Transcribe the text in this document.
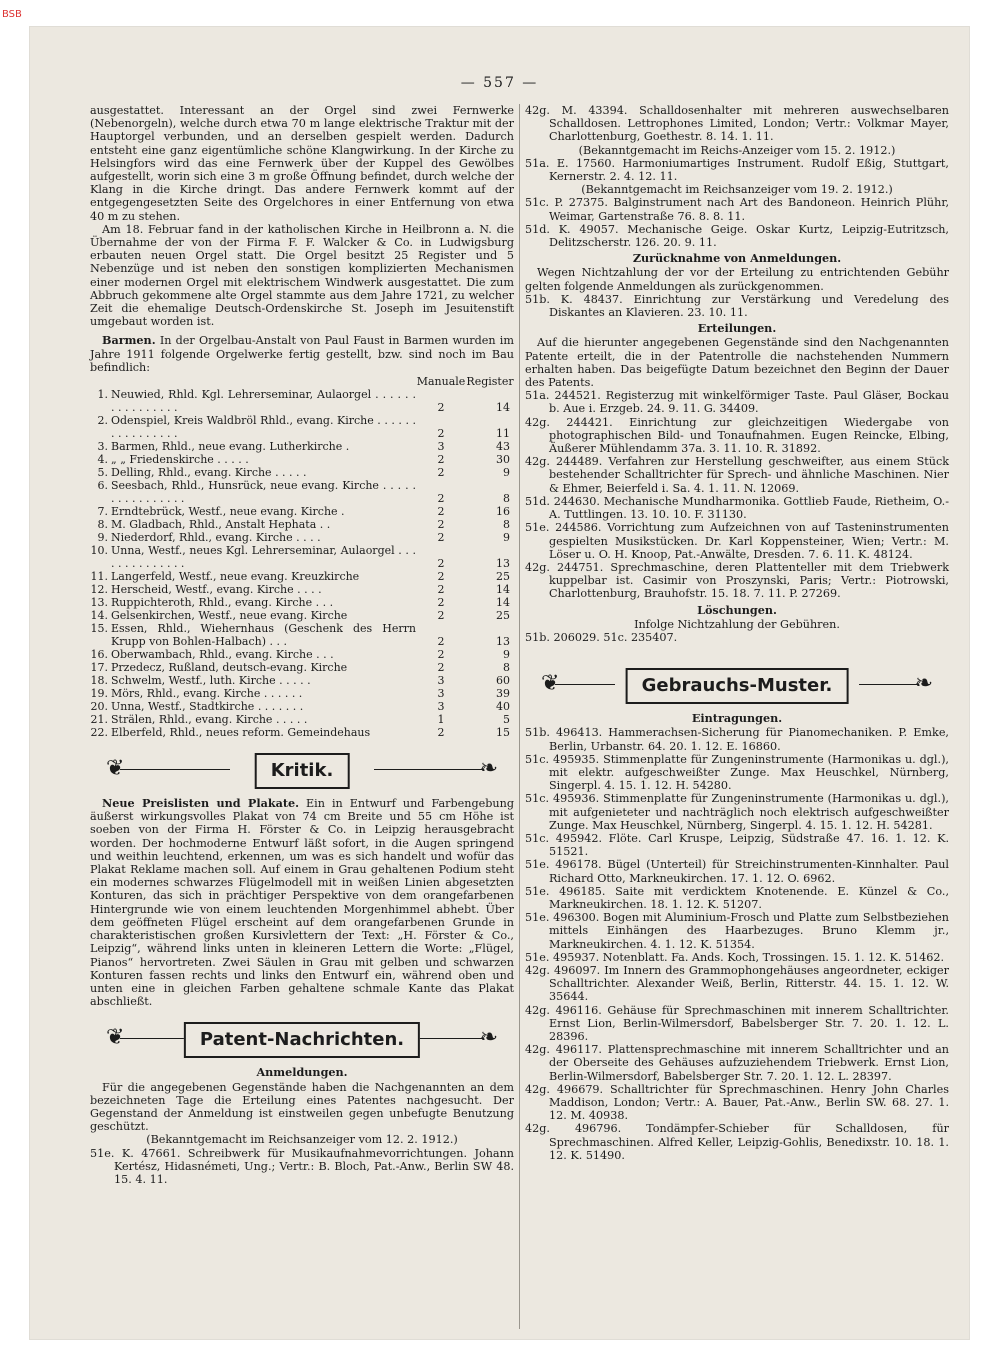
BSB
— 557 —

ausgestattet. Interessant an der Orgel sind zwei Fernwerke (Nebenorgeln), welche durch etwa 70 m lange elektrische Traktur mit der Hauptorgel verbunden, und an derselben gespielt werden. Dadurch entsteht eine ganz eigentümliche schöne Klangwirkung. In der Kirche zu Helsingfors wird das eine Fernwerk über der Kuppel des Gewölbes aufgestellt, worin sich eine 3 m große Öffnung befindet, durch welche der Klang in die Kirche dringt. Das andere Fernwerk kommt auf der entgegengesetzten Seite des Orgelchores in einer Entfernung von etwa 40 m zu stehen.

Am 18. Februar fand in der katholischen Kirche in Heilbronn a. N. die Übernahme der von der Firma F. F. Walcker & Co. in Ludwigsburg erbauten neuen Orgel statt. Die Orgel besitzt 25 Register und 5 Nebenzüge und ist neben den sonstigen komplizierten Mechanismen einer modernen Orgel mit elektrischem Windwerk ausgestattet. Die zum Abbruch gekommene alte Orgel stammte aus dem Jahre 1721, zu welcher Zeit die ehemalige Deutsch-Ordenskirche St. Joseph im Jesuitenstift umgebaut worden ist.

Barmen. In der Orgelbau-Anstalt von Paul Faust in Barmen wurden im Jahre 1911 folgende Orgelwerke fertig gestellt, bzw. sind noch im Bau befindlich:

		Manuale	Register
1.	Neuwied, Rhld. Kgl. Lehrerseminar, Aulaorgel . . . . . . . . . . . . . . . .	2	14
2.	Odenspiel, Kreis Waldbröl Rhld., evang. Kirche . . . . . . . . . . . . . . . .	2	11
3.	Barmen, Rhld., neue evang. Lutherkirche .	3	43
4.	„ „ Friedenskirche . . . . .	2	30
5.	Delling, Rhld., evang. Kirche . . . . .	2	9
6.	Seesbach, Rhld., Hunsrück, neue evang. Kirche . . . . . . . . . . . . . . . .	2	8
7.	Erndtebrück, Westf., neue evang. Kirche .	2	16
8.	M. Gladbach, Rhld., Anstalt Hephata . .	2	8
9.	Niederdorf, Rhld., evang. Kirche . . . .	2	9
10.	Unna, Westf., neues Kgl. Lehrerseminar, Aulaorgel . . . . . . . . . . . . . .	2	13
11.	Langerfeld, Westf., neue evang. Kreuzkirche	2	25
12.	Herscheid, Westf., evang. Kirche . . . .	2	14
13.	Ruppichteroth, Rhld., evang. Kirche . . .	2	14
14.	Gelsenkirchen, Westf., neue evang. Kirche	2	25
15.	Essen, Rhld., Wiehernhaus (Geschenk des Herrn Krupp von Bohlen-Halbach) . . .	2	13
16.	Oberwambach, Rhld., evang. Kirche . . .	2	9
17.	Przedecz, Rußland, deutsch-evang. Kirche	2	8
18.	Schwelm, Westf., luth. Kirche . . . . .	3	60
19.	Mörs, Rhld., evang. Kirche . . . . . .	3	39
20.	Unna, Westf., Stadtkirche . . . . . . .	3	40
21.	Strälen, Rhld., evang. Kirche . . . . .	1	5
22.	Elberfeld, Rhld., neues reform. Gemeindehaus	2	15
❦	❧
Kritik.

Neue Preislisten und Plakate. Ein in Entwurf und Farbengebung äußerst wirkungsvolles Plakat von 74 cm Breite und 55 cm Höhe ist soeben von der Firma H. Förster & Co. in Leipzig herausgebracht worden. Der hochmoderne Entwurf läßt sofort, in die Augen springend und weithin leuchtend, erkennen, um was es sich handelt und wofür das Plakat Reklame machen soll. Auf einem in Grau gehaltenen Podium steht ein modernes schwarzes Flügelmodell mit in weißen Linien abgesetzten Konturen, das sich in prächtiger Perspektive von dem orangefarbenen Hintergrunde wie von einem leuchtenden Morgenhimmel abhebt. Über dem geöffneten Flügel erscheint auf dem orangefarbenen Grunde in charakteristischen großen Kursivlettern der Text: „H. Förster & Co., Leipzig“, während links unten in kleineren Lettern die Worte: „Flügel, Pianos“ hervortreten. Zwei Säulen in Grau mit gelben und schwarzen Konturen fassen rechts und links den Entwurf ein, während oben und unten eine in gleichen Farben gehaltene schmale Kante das Plakat abschließt.

❦	❧
Patent-Nachrichten.

Anmeldungen.

Für die angegebenen Gegenstände haben die Nachgenannten an dem bezeichneten Tage die Erteilung eines Patentes nachgesucht. Der Gegenstand der Anmeldung ist einstweilen gegen unbefugte Benutzung geschützt.

(Bekanntgemacht im Reichsanzeiger vom 12. 2. 1912.)

51e. K. 47661. Schreibwerk für Musikaufnahmevorrichtungen. Johann Kertész, Hidasnémeti, Ung.; Vertr.: B. Bloch, Pat.-Anw., Berlin SW 48. 15. 4. 11.

42g. M. 43394. Schalldosenhalter mit mehreren auswechselbaren Schalldosen. Lettrophones Limited, London; Vertr.: Volkmar Mayer, Charlottenburg, Goethestr. 8. 14. 1. 11.

(Bekanntgemacht im Reichs-Anzeiger vom 15. 2. 1912.)

51a. E. 17560. Harmoniumartiges Instrument. Rudolf Eßig, Stuttgart, Kernerstr. 2. 4. 12. 11.

(Bekanntgemacht im Reichsanzeiger vom 19. 2. 1912.)

51c. P. 27375. Balginstrument nach Art des Bandoneon. Heinrich Plühr, Weimar, Gartenstraße 76. 8. 8. 11.

51d. K. 49057. Mechanische Geige. Oskar Kurtz, Leipzig-Eutritzsch, Delitzscherstr. 126. 20. 9. 11.

Zurücknahme von Anmeldungen.

Wegen Nichtzahlung der vor der Erteilung zu entrichtenden Gebühr gelten folgende Anmeldungen als zurückgenommen.

51b. K. 48437. Einrichtung zur Verstärkung und Veredelung des Diskantes an Klavieren. 23. 10. 11.

Erteilungen.

Auf die hierunter angegebenen Gegenstände sind den Nachgenannten Patente erteilt, die in der Patentrolle die nachstehenden Nummern erhalten haben. Das beigefügte Datum bezeichnet den Beginn der Dauer des Patents.

51a. 244521. Registerzug mit winkelförmiger Taste. Paul Gläser, Bockau b. Aue i. Erzgeb. 24. 9. 11. G. 34409.

42g. 244421. Einrichtung zur gleichzeitigen Wiedergabe von photographischen Bild- und Tonaufnahmen. Eugen Reincke, Elbing, Äußerer Mühlendamm 37a. 3. 11. 10. R. 31892.

42g. 244489. Verfahren zur Herstellung geschweifter, aus einem Stück bestehender Schalltrichter für Sprech- und ähnliche Maschinen. Nier & Ehmer, Beierfeld i. Sa. 4. 1. 11. N. 12069.

51d. 244630. Mechanische Mundharmonika. Gottlieb Faude, Rietheim, O.-A. Tuttlingen. 13. 10. 10. F. 31130.

51e. 244586. Vorrichtung zum Aufzeichnen von auf Tasteninstrumenten gespielten Musikstücken. Dr. Karl Koppensteiner, Wien; Vertr.: M. Löser u. O. H. Knoop, Pat.-Anwälte, Dresden. 7. 6. 11. K. 48124.

42g. 244751. Sprechmaschine, deren Plattenteller mit dem Triebwerk kuppelbar ist. Casimir von Proszynski, Paris; Vertr.: Piotrowski, Charlottenburg, Brauhofstr. 15. 18. 7. 11. P. 27269.

Löschungen.

Infolge Nichtzahlung der Gebühren.

51b. 206029. 51c. 235407.

❦	❧
Gebrauchs-Muster.

Eintragungen.

51b. 496413. Hammerachsen-Sicherung für Pianomechaniken. P. Emke, Berlin, Urbanstr. 64. 20. 1. 12. E. 16860.

51c. 495935. Stimmenplatte für Zungeninstrumente (Harmonikas u. dgl.), mit elektr. aufgeschweißter Zunge. Max Heuschkel, Nürnberg, Singerpl. 4. 15. 1. 12. H. 54280.

51c. 495936. Stimmenplatte für Zungeninstrumente (Harmonikas u. dgl.), mit aufgenieteter und nachträglich noch elektrisch aufgeschweißter Zunge. Max Heuschkel, Nürnberg, Singerpl. 4. 15. 1. 12. H. 54281.

51c. 495942. Flöte. Carl Kruspe, Leipzig, Südstraße 47. 16. 1. 12. K. 51521.

51e. 496178. Bügel (Unterteil) für Streichinstrumenten-Kinnhalter. Paul Richard Otto, Markneukirchen. 17. 1. 12. O. 6962.

51e. 496185. Saite mit verdicktem Knotenende. E. Künzel & Co., Markneukirchen. 18. 1. 12. K. 51207.

51e. 496300. Bogen mit Aluminium-Frosch und Platte zum Selbstbeziehen mittels Einhängen des Haarbezuges. Bruno Klemm jr., Markneukirchen. 4. 1. 12. K. 51354.

51e. 495937. Notenblatt. Fa. Ands. Koch, Trossingen. 15. 1. 12. K. 51462.

42g. 496097. Im Innern des Grammophongehäuses angeordneter, eckiger Schalltrichter. Alexander Weiß, Berlin, Ritterstr. 44. 15. 1. 12. W. 35644.

42g. 496116. Gehäuse für Sprechmaschinen mit innerem Schalltrichter. Ernst Lion, Berlin-Wilmersdorf, Babelsberger Str. 7. 20. 1. 12. L. 28396.

42g. 496117. Plattensprechmaschine mit innerem Schalltrichter und an der Oberseite des Gehäuses aufzuziehendem Triebwerk. Ernst Lion, Berlin-Wilmersdorf, Babelsberger Str. 7. 20. 1. 12. L. 28397.

42g. 496679. Schalltrichter für Sprechmaschinen. Henry John Charles Maddison, London; Vertr.: A. Bauer, Pat.-Anw., Berlin SW. 68. 27. 1. 12. M. 40938.

42g. 496796. Tondämpfer-Schieber für Schalldosen, für Sprechmaschinen. Alfred Keller, Leipzig-Gohlis, Benedixstr. 10. 18. 1. 12. K. 51490.
